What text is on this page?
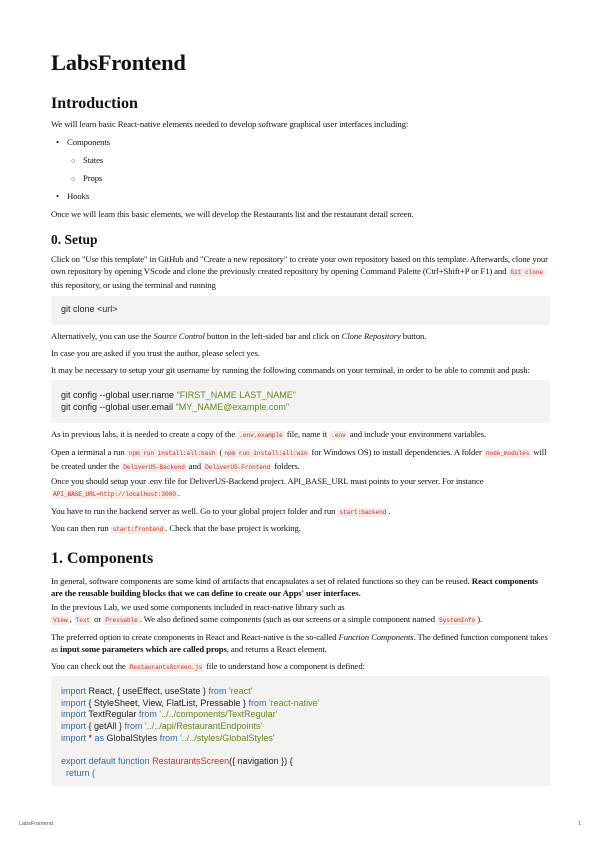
LabsFrontend
Introduction
We will learn basic React-native elements needed to develop software graphical user interfaces including:
• Components
○ States
○ Props
• Hooks
Once we will learn this basic elements, we will develop the Restaurants list and the restaurant detail screen.
0. Setup
Click on "Use this template" in GitHub and "Create a new repository" to create your own repository based on this template. Afterwards, clone your own repository by opening VScode and clone the previously created repository by opening Command Palette (Ctrl+Shift+P or F1) and Git clone this repository, or using the terminal and running
git clone <url>
Alternatively, you can use the Source Control button in the left-sided bar and click on Clone Repository button.
In case you are asked if you trust the author, please select yes.
It may be necessary to setup your git username by running the following commands on your terminal, in order to be able to commit and push:
git config --global user.name "FIRST_NAME LAST_NAME"
git config --global user.email "MY_NAME@example.com"
As in previous labs, it is needed to create a copy of the .env.example file, name it .env and include your environment variables.
Open a terminal a run npm run install:all:bash ( npm run install:all:win for Windows OS) to install dependencies. A folder node_modules will be created under the DeliverUS-Backend and DeliverUS-Frontend folders.
Once you should setup your .env file for DeliverUS-Backend project. API_BASE_URL must points to your server. For instance API_BASE_URL=http://localhost:3000 .
You have to run the backend server as well. Go to your global project folder and run start:backend .
You can then run start:frontend . Check that the base project is working.
1. Components
In general, software components are some kind of artifacts that encapsulates a set of related functions so they can be reused. React components are the reusable building blocks that we can define to create our Apps' user interfaces.
In the previous Lab, we used some components included in react-native library such as
View , Text or Pressable . We also defined some components (such as our screens or a simple component named SystemInfo ).
The preferred option to create components in React and React-native is the so-called Function Components. The defined function component takes as input some parameters which are called props, and returns a React element.
You can check out the RestaurantsScreen.js file to understand how a component is defined:
import React, { useEffect, useState } from 'react'
import { StyleSheet, View, FlatList, Pressable } from 'react-native'
import TextRegular from '../../components/TextRegular'
import { getAll } from '../../api/RestaurantEndpoints'
import * as GlobalStyles from '../../styles/GlobalStyles'
export default function RestaurantsScreen({ navigation }) {
return (
LabsFrontend	1
